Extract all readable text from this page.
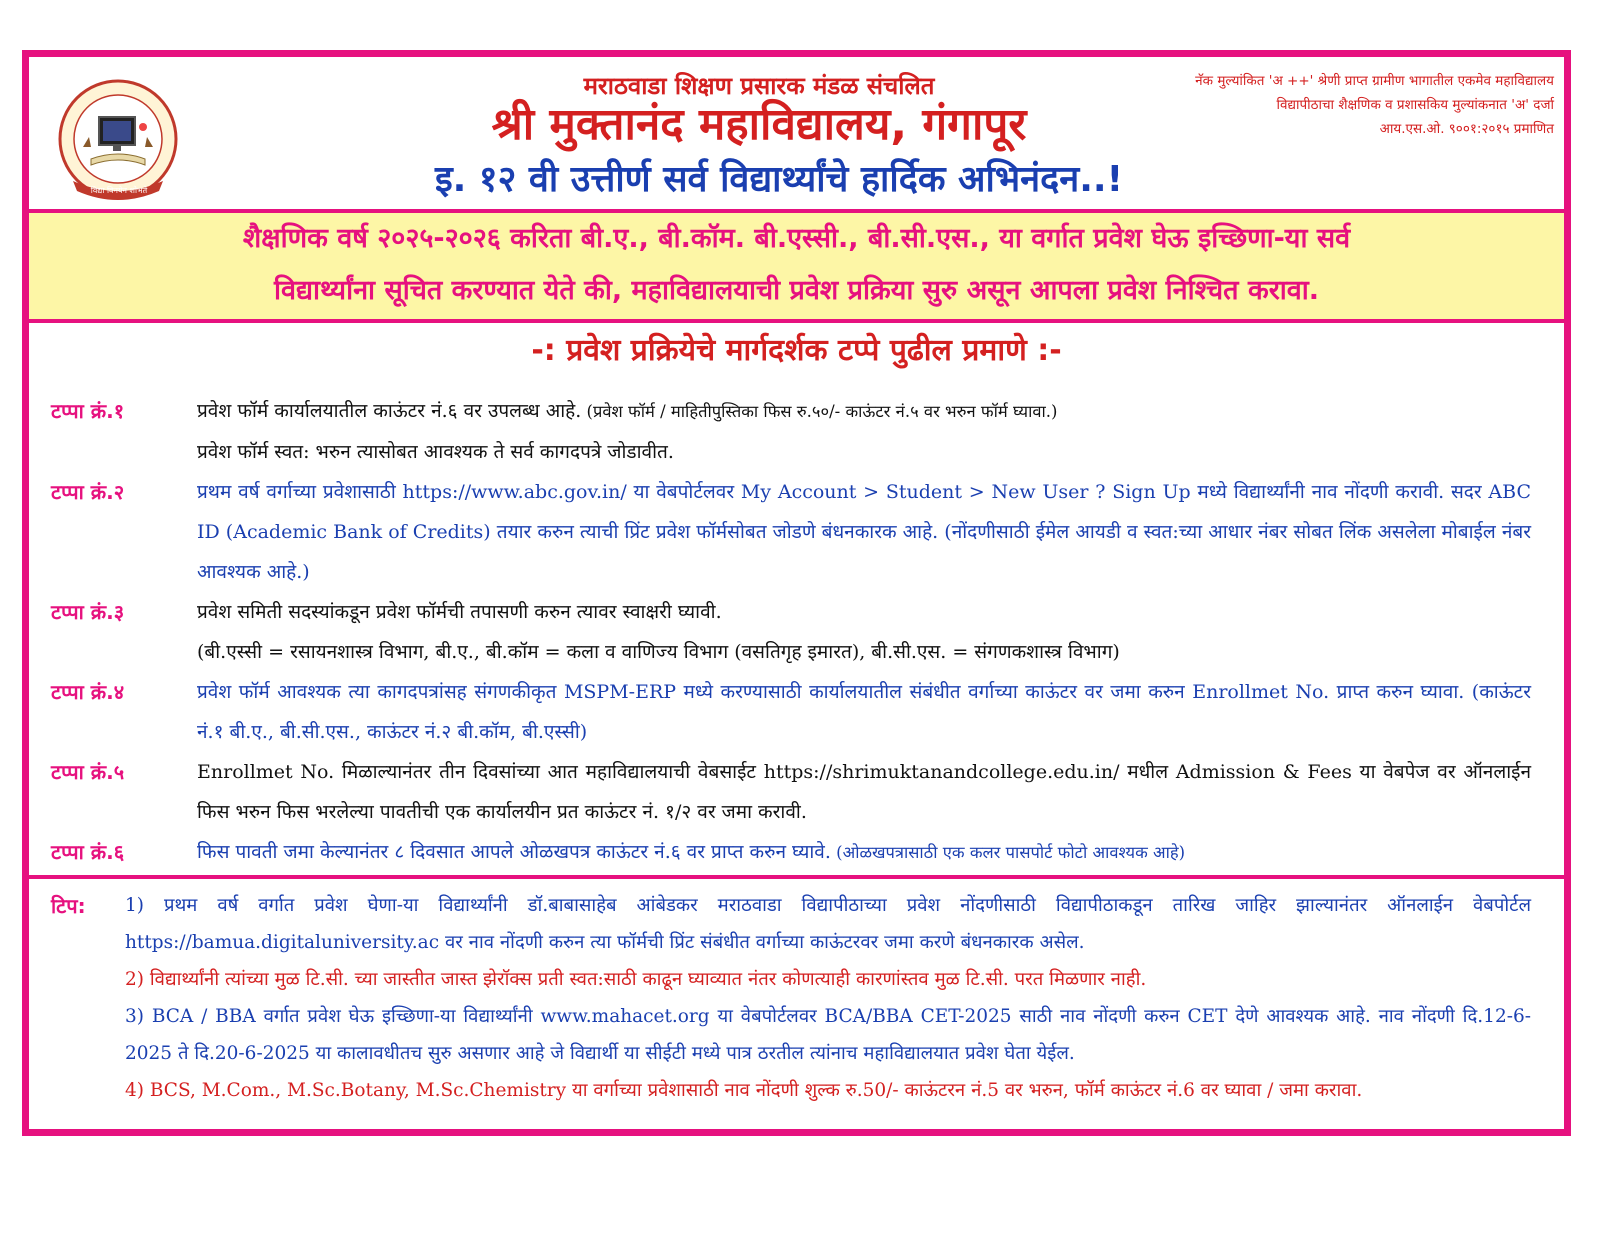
विद्या विनयेन शोभते
मराठवाडा शिक्षण प्रसारक मंडळ संचलित
श्री मुक्तानंद महाविद्यालय, गंगापूर
इ. १२ वी उत्तीर्ण सर्व विद्यार्थ्यांचे हार्दिक अभिनंदन..!
नॅक मुल्यांकित 'अ ++' श्रेणी प्राप्त ग्रामीण भागातील एकमेव महाविद्यालय
विद्यापीठाचा शैक्षणिक व प्रशासकिय मुल्यांकनात 'अ' दर्जा
आय.एस.ओ. ९००१:२०१५ प्रमाणित
शैक्षणिक वर्ष २०२५-२०२६ करिता बी.ए., बी.कॉम. बी.एस्सी., बी.सी.एस., या वर्गात प्रवेश घेऊ इच्छिणा-या सर्व
विद्यार्थ्यांना सूचित करण्यात येते की, महाविद्यालयाची प्रवेश प्रक्रिया सुरु असून आपला प्रवेश निश्चित करावा.
-: प्रवेश प्रक्रियेचे मार्गदर्शक टप्पे पुढील प्रमाणे :-
टप्पा क्रं.१	प्रवेश फॉर्म कार्यालयातील काऊंटर नं.६ वर उपलब्ध आहे. (प्रवेश फॉर्म / माहितीपुस्तिका फिस रु.५०/- काऊंटर नं.५ वर भरुन फॉर्म घ्यावा.)
प्रवेश फॉर्म स्वत: भरुन त्यासोबत आवश्यक ते सर्व कागदपत्रे जोडावीत.
टप्पा क्रं.२	प्रथम वर्ष वर्गाच्या प्रवेशासाठी https://www.abc.gov.in/ या वेबपोर्टलवर My Account > Student > New User ? Sign Up मध्ये विद्यार्थ्यांनी नाव नोंदणी करावी. सदर ABC ID (Academic Bank of Credits) तयार करुन त्याची प्रिंट प्रवेश फॉर्मसोबत जोडणे बंधनकारक आहे. (नोंदणीसाठी ईमेल आयडी व स्वत:च्या आधार नंबर सोबत लिंक असलेला मोबाईल नंबर आवश्यक आहे.)
टप्पा क्रं.३	प्रवेश समिती सदस्यांकडून प्रवेश फॉर्मची तपासणी करुन त्यावर स्वाक्षरी घ्यावी.
(बी.एस्सी = रसायनशास्त्र विभाग, बी.ए., बी.कॉम = कला व वाणिज्य विभाग (वसतिगृह इमारत), बी.सी.एस. = संगणकशास्त्र विभाग)
टप्पा क्रं.४	प्रवेश फॉर्म आवश्यक त्या कागदपत्रांसह संगणकीकृत MSPM-ERP मध्ये करण्यासाठी कार्यालयातील संबंधीत वर्गाच्या काऊंटर वर जमा करुन Enrollmet No. प्राप्त करुन घ्यावा. (काऊंटर नं.१ बी.ए., बी.सी.एस., काऊंटर नं.२ बी.कॉम, बी.एस्सी)
टप्पा क्रं.५	Enrollmet No. मिळाल्यानंतर तीन दिवसांच्या आत महाविद्यालयाची वेबसाईट https://shrimuktanandcollege.edu.in/ मधील Admission & Fees या वेबपेज वर ऑनलाईन फिस भरुन फिस भरलेल्या पावतीची एक कार्यालयीन प्रत काऊंटर नं. १/२ वर जमा करावी.
टप्पा क्रं.६	फिस पावती जमा केल्यानंतर ८ दिवसात आपले ओळखपत्र काऊंटर नं.६ वर प्राप्त करुन घ्यावे. (ओळखपत्रासाठी एक कलर पासपोर्ट फोटो आवश्यक आहे)
टिप: 1) प्रथम वर्ष वर्गात प्रवेश घेणा-या विद्यार्थ्यांनी डॉ.बाबासाहेब आंबेडकर मराठवाडा विद्यापीठाच्या प्रवेश नोंदणीसाठी विद्यापीठाकडून तारिख जाहिर झाल्यानंतर ऑनलाईन वेबपोर्टल https://bamua.digitaluniversity.ac वर नाव नोंदणी करुन त्या फॉर्मची प्रिंट संबंधीत वर्गाच्या काऊंटरवर जमा करणे बंधनकारक असेल.
2) विद्यार्थ्यांनी त्यांच्या मुळ टि.सी. च्या जास्तीत जास्त झेरॉक्स प्रती स्वत:साठी काढून घ्याव्यात नंतर कोणत्याही कारणांस्तव मुळ टि.सी. परत मिळणार नाही.
3) BCA / BBA वर्गात प्रवेश घेऊ इच्छिणा-या विद्यार्थ्यांनी www.mahacet.org या वेबपोर्टलवर BCA/BBA CET-2025 साठी नाव नोंदणी करुन CET देणे आवश्यक आहे. नाव नोंदणी दि.12-6-2025 ते दि.20-6-2025 या कालावधीतच सुरु असणार आहे जे विद्यार्थी या सीईटी मध्ये पात्र ठरतील त्यांनाच महाविद्यालयात प्रवेश घेता येईल.
4) BCS, M.Com., M.Sc.Botany, M.Sc.Chemistry या वर्गाच्या प्रवेशासाठी नाव नोंदणी शुल्क रु.50/- काऊंटरन नं.5 वर भरुन, फॉर्म काऊंटर नं.6 वर घ्यावा / जमा करावा.
